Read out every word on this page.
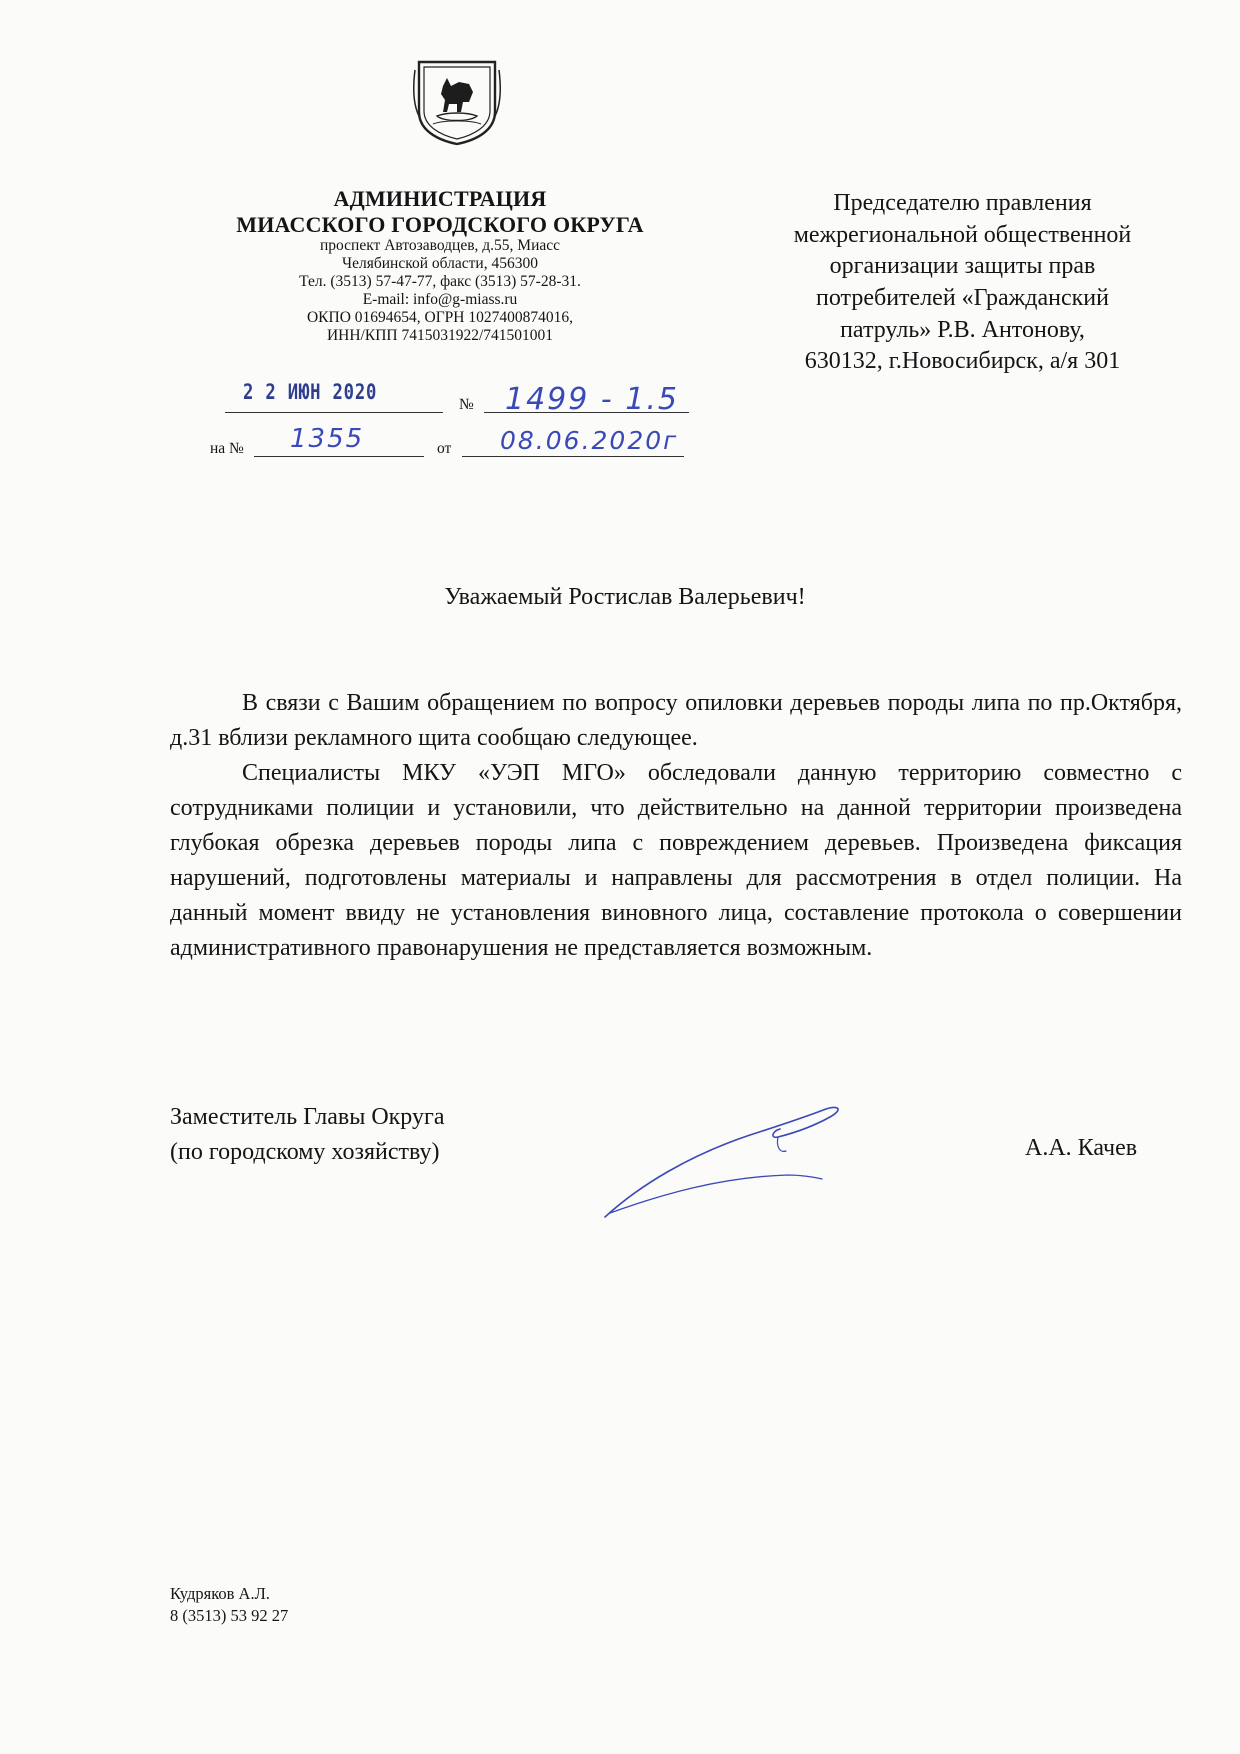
АДМИНИСТРАЦИЯ
МИАССКОГО ГОРОДСКОГО ОКРУГА
проспект Автозаводцев, д.55, Миасс
Челябинской области, 456300
Тел. (3513) 57-47-77, факс (3513) 57-28-31.
E-mail: info@g-miass.ru
ОКПО 01694654, ОГРН 1027400874016,
ИНН/КПП 7415031922/741501001
2 2 ИЮН 2020
№ 1499 - 1.5
на № 1355	от 08.06.2020г
Председателю правления
межрегиональной общественной
организации защиты прав
потребителей «Гражданский
патруль» Р.В. Антонову,
630132, г.Новосибирск, а/я 301
Уважаемый Ростислав Валерьевич!

В связи с Вашим обращением по вопросу опиловки деревьев породы липа по пр.Октября, д.31 вблизи рекламного щита сообщаю следующее.

Специалисты МКУ «УЭП МГО» обследовали данную территорию совместно с сотрудниками полиции и установили, что действительно на данной территории произведена глубокая обрезка деревьев породы липа с повреждением деревьев. Произведена фиксация нарушений, подготовлены материалы и направлены для рассмотрения в отдел полиции. На данный момент ввиду не установления виновного лица, составление протокола о совершении административного правонарушения не представляется возможным.

Заместитель Главы Округа
(по городскому хозяйству)	А.А. Качев
Кудряков А.Л.
8 (3513) 53 92 27
